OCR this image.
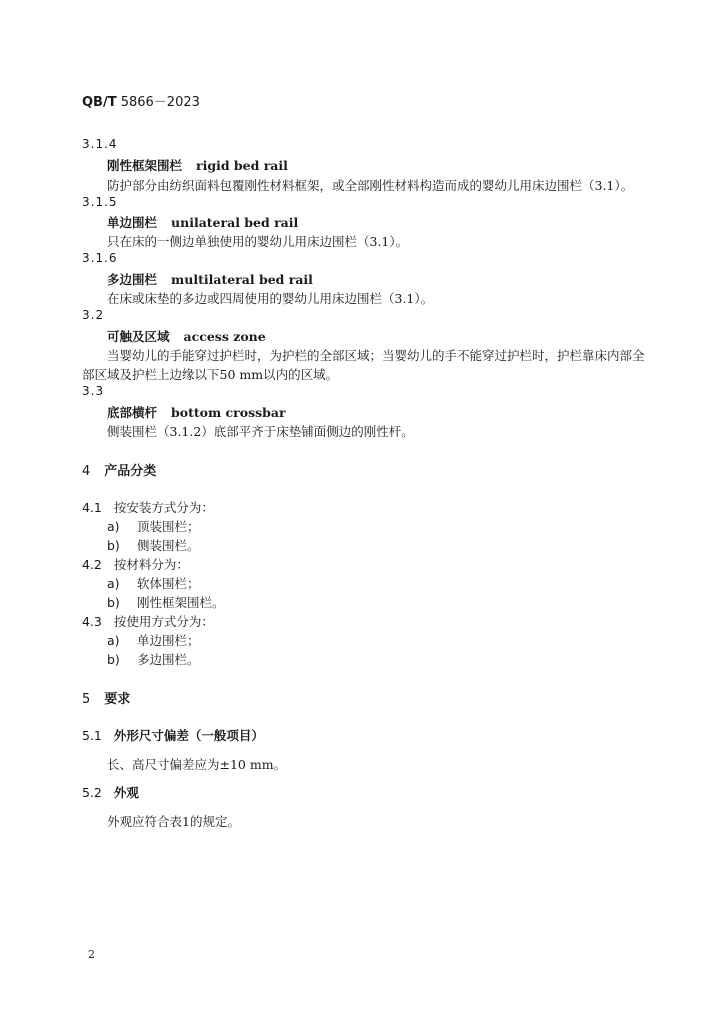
QB/T 5866－2023
3.1.4
刚性框架围栏 rigid bed rail
防护部分由纺织面料包覆刚性材料框架，或全部刚性材料构造而成的婴幼儿用床边围栏（3.1）。
3.1.5
单边围栏 unilateral bed rail
只在床的一侧边单独使用的婴幼儿用床边围栏（3.1）。
3.1.6
多边围栏 multilateral bed rail
在床或床垫的多边或四周使用的婴幼儿用床边围栏（3.1）。
3.2
可触及区域 access zone
当婴幼儿的手能穿过护栏时，为护栏的全部区域；当婴幼儿的手不能穿过护栏时，护栏靠床内部全
部区域及护栏上边缘以下50 mm以内的区域。
3.3
底部横杆 bottom crossbar
侧装围栏（3.1.2）底部平齐于床垫铺面侧边的刚性杆。
4 产品分类
4.1 按安装方式分为：
a) 顶装围栏；
b) 侧装围栏。
4.2 按材料分为：
a) 软体围栏；
b) 刚性框架围栏。
4.3 按使用方式分为：
a) 单边围栏；
b) 多边围栏。
5 要求
5.1 外形尺寸偏差（一般项目）
长、高尺寸偏差应为±10 mm。
5.2 外观
外观应符合表1的规定。
2
